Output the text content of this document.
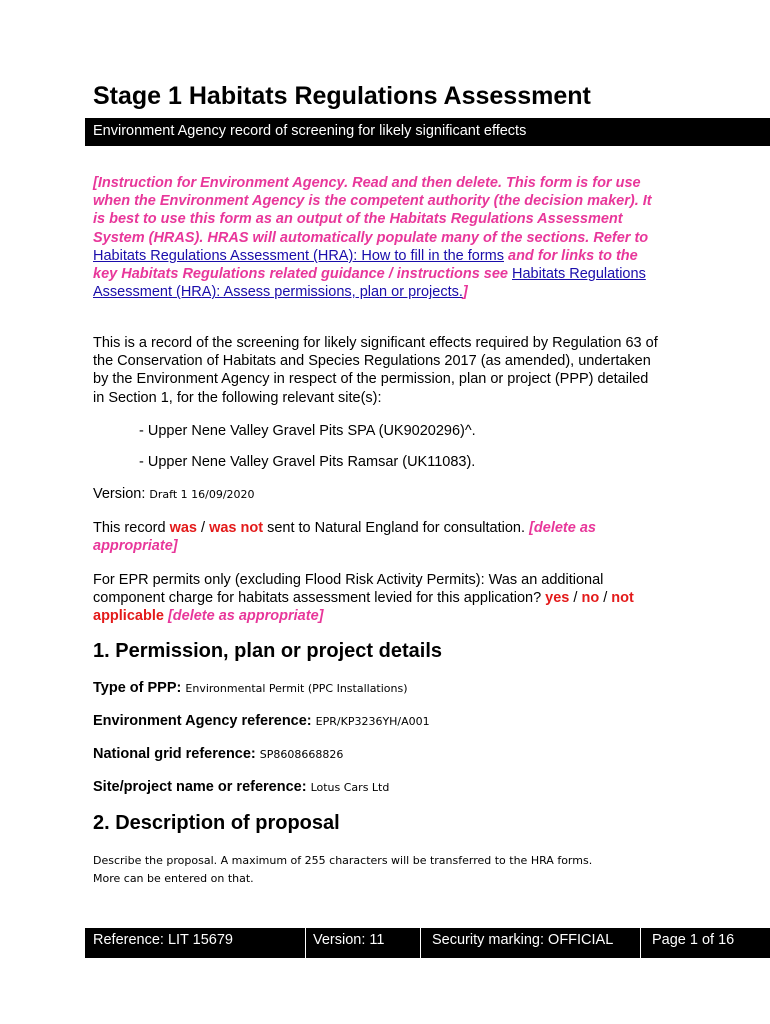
Stage 1 Habitats Regulations Assessment
Environment Agency record of screening for likely significant effects
[Instruction for Environment Agency. Read and then delete. This form is for use when the Environment Agency is the competent authority (the decision maker). It is best to use this form as an output of the Habitats Regulations Assessment System (HRAS). HRAS will automatically populate many of the sections. Refer to Habitats Regulations Assessment (HRA): How to fill in the forms and for links to the key Habitats Regulations related guidance / instructions see Habitats Regulations Assessment (HRA): Assess permissions, plan or projects.]
This is a record of the screening for likely significant effects required by Regulation 63 of the Conservation of Habitats and Species Regulations 2017 (as amended), undertaken by the Environment Agency in respect of the permission, plan or project (PPP) detailed in Section 1, for the following relevant site(s):
- Upper Nene Valley Gravel Pits SPA (UK9020296)^.
- Upper Nene Valley Gravel Pits Ramsar (UK11083).
Version: Draft 1 16/09/2020
This record was / was not sent to Natural England for consultation. [delete as appropriate]
For EPR permits only (excluding Flood Risk Activity Permits): Was an additional component charge for habitats assessment levied for this application? yes / no / not applicable [delete as appropriate]
1. Permission, plan or project details
Type of PPP: Environmental Permit (PPC Installations)
Environment Agency reference: EPR/KP3236YH/A001
National grid reference: SP8608668826
Site/project name or reference: Lotus Cars Ltd
2. Description of proposal
Describe the proposal. A maximum of 255 characters will be transferred to the HRA forms.
More can be entered on that.
Reference: LIT 15679	Version: 11	Security marking: OFFICIAL	Page 1 of 16
